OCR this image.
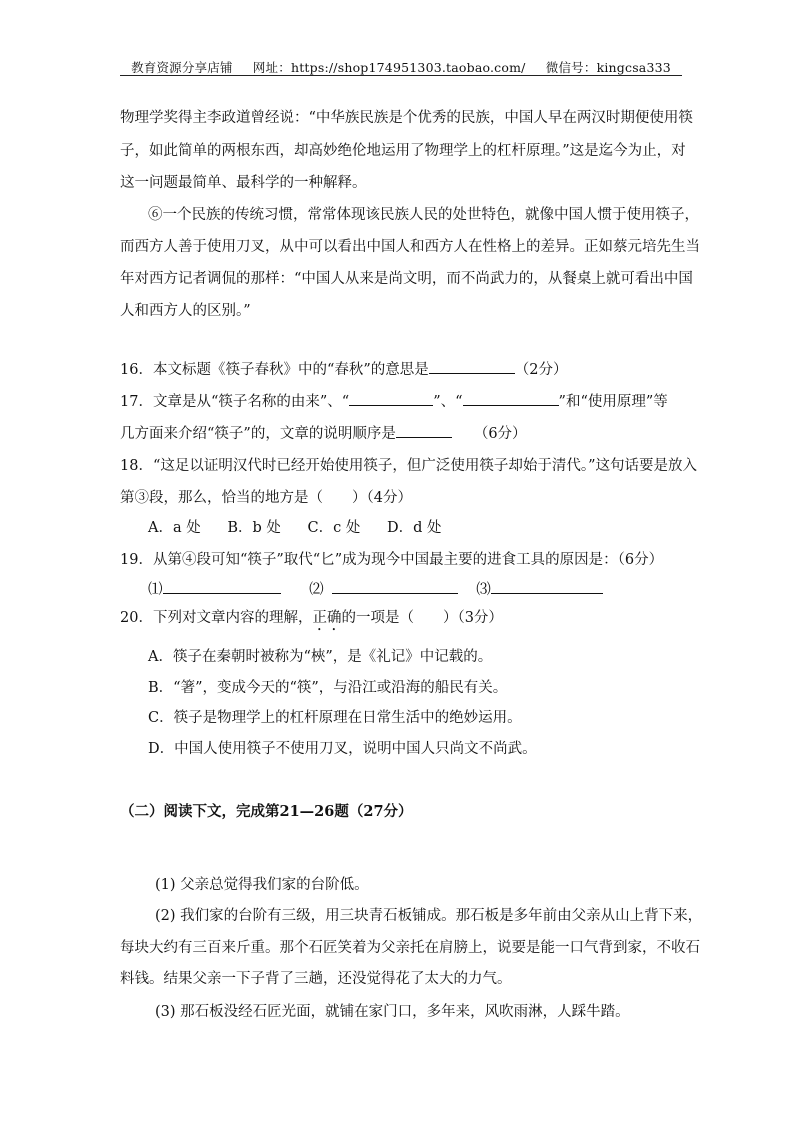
教育资源分享店铺 网址：https://shop174951303.taobao.com/ 微信号：kingcsa333
物理学奖得主李政道曾经说：“中华族民族是个优秀的民族，中国人早在两汉时期便使用筷
子，如此简单的两根东西，却高妙绝伦地运用了物理学上的杠杆原理。”这是迄今为止，对
这一问题最简单、最科学的一种解释。
⑥一个民族的传统习惯，常常体现该民族人民的处世特色，就像中国人惯于使用筷子，
而西方人善于使用刀叉，从中可以看出中国人和西方人在性格上的差异。正如蔡元培先生当
年对西方记者调侃的那样：“中国人从来是尚文明，而不尚武力的，从餐桌上就可看出中国
人和西方人的区别。”
16．本文标题《筷子春秋》中的“春秋”的意思是	（2分）
17．文章是从“筷子名称的由来”、“	”、“	”和“使用原理”等
几方面来介绍“筷子”的，文章的说明顺序是	（6分）
18．“这足以证明汉代时已经开始使用筷子，但广泛使用筷子却始于清代。”这句话要是放入
第③段，那么，恰当的地方是（　　）（4分）
A．a 处 B．b 处 C．c 处 D．d 处
19．从第④段可知“筷子”取代“匕”成为现今中国最主要的进食工具的原因是：（6分）
⑴	⑵	⑶
20．下列对文章内容的理解，正确的一项是（　　）（3分）
A．筷子在秦朝时被称为“梜”，是《礼记》中记载的。
B．“箸”，变成今天的“筷”，与沿江或沿海的船民有关。
C．筷子是物理学上的杠杆原理在日常生活中的绝妙运用。
D．中国人使用筷子不使用刀叉，说明中国人只尚文不尚武。
（二）阅读下文，完成第21—26题（27分）
(1) 父亲总觉得我们家的台阶低。
(2) 我们家的台阶有三级，用三块青石板铺成。那石板是多年前由父亲从山上背下来，
每块大约有三百来斤重。那个石匠笑着为父亲托在肩膀上，说要是能一口气背到家，不收石
料钱。结果父亲一下子背了三趟，还没觉得花了太大的力气。
(3) 那石板没经石匠光面，就铺在家门口，多年来，风吹雨淋，人踩牛踏。
